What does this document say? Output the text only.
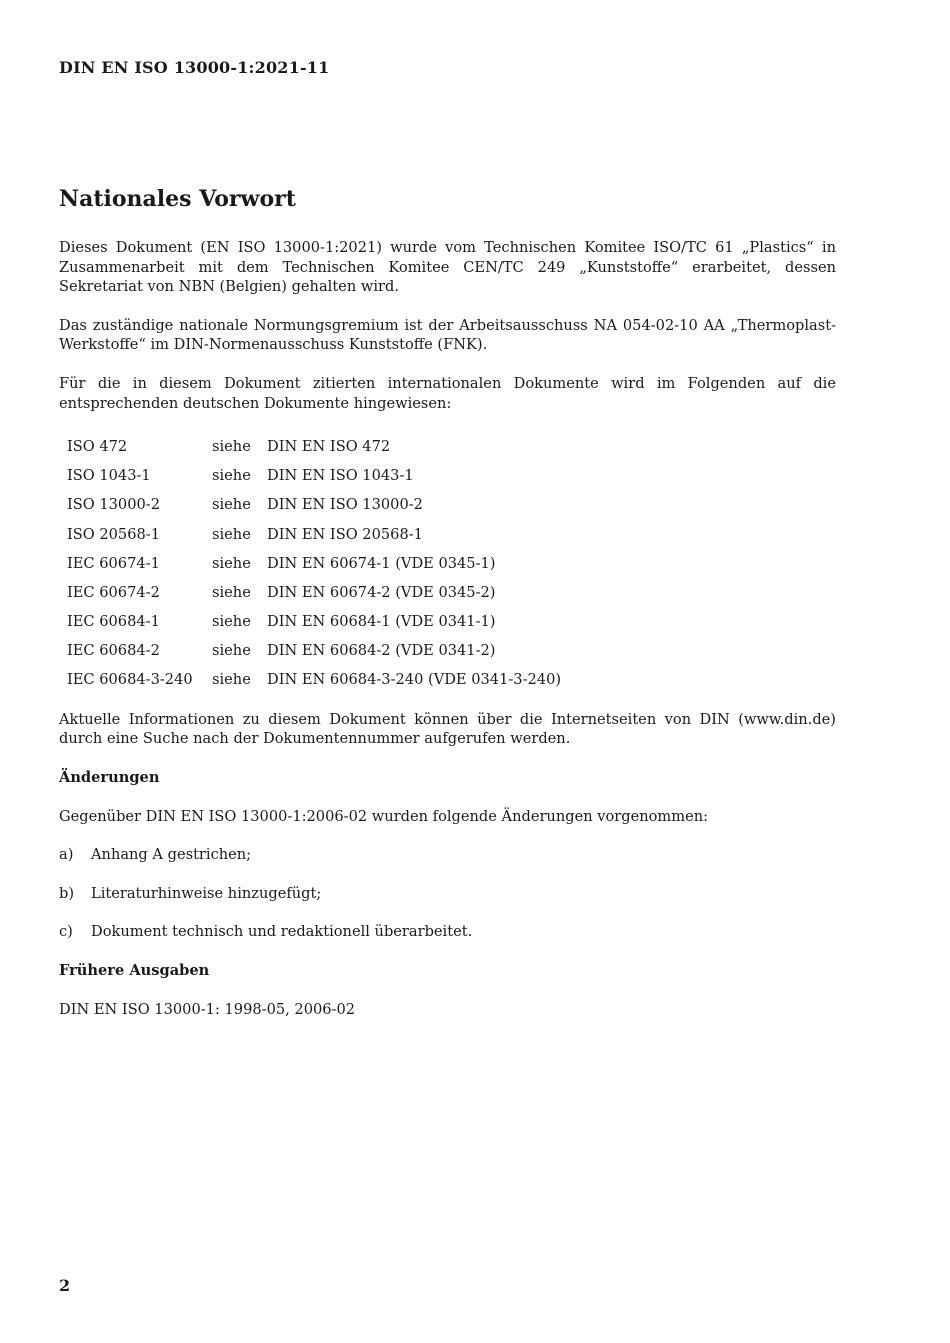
DIN EN ISO 13000-1:2021-11
Nationales Vorwort

Dieses Dokument (EN ISO 13000-1:2021) wurde vom Technischen Komitee ISO/TC 61 „Plastics“ in Zusammenarbeit mit dem Technischen Komitee CEN/TC 249 „Kunststoffe“ erarbeitet, dessen Sekretariat von NBN (Belgien) gehalten wird.

Das zuständige nationale Normungsgremium ist der Arbeitsausschuss NA 054-02-10 AA „Thermoplast-Werkstoffe“ im DIN-Normenausschuss Kunststoffe (FNK).

Für die in diesem Dokument zitierten internationalen Dokumente wird im Folgenden auf die entsprechenden deutschen Dokumente hingewiesen:

ISO 472	siehe	DIN EN ISO 472
ISO 1043-1	siehe	DIN EN ISO 1043-1
ISO 13000-2	siehe	DIN EN ISO 13000-2
ISO 20568-1	siehe	DIN EN ISO 20568-1
IEC 60674-1	siehe	DIN EN 60674-1 (VDE 0345-1)
IEC 60674-2	siehe	DIN EN 60674-2 (VDE 0345-2)
IEC 60684-1	siehe	DIN EN 60684-1 (VDE 0341-1)
IEC 60684-2	siehe	DIN EN 60684-2 (VDE 0341-2)
IEC 60684-3-240	siehe	DIN EN 60684-3-240 (VDE 0341-3-240)

Aktuelle Informationen zu diesem Dokument können über die Internetseiten von DIN (www.din.de) durch eine Suche nach der Dokumentennummer aufgerufen werden.

Änderungen

Gegenüber DIN EN ISO 13000-1:2006-02 wurden folgende Änderungen vorgenommen:

a)	Anhang A gestrichen;
b)	Literaturhinweise hinzugefügt;
c)	Dokument technisch und redaktionell überarbeitet.
Frühere Ausgaben

DIN EN ISO 13000-1: 1998-05, 2006-02

2
